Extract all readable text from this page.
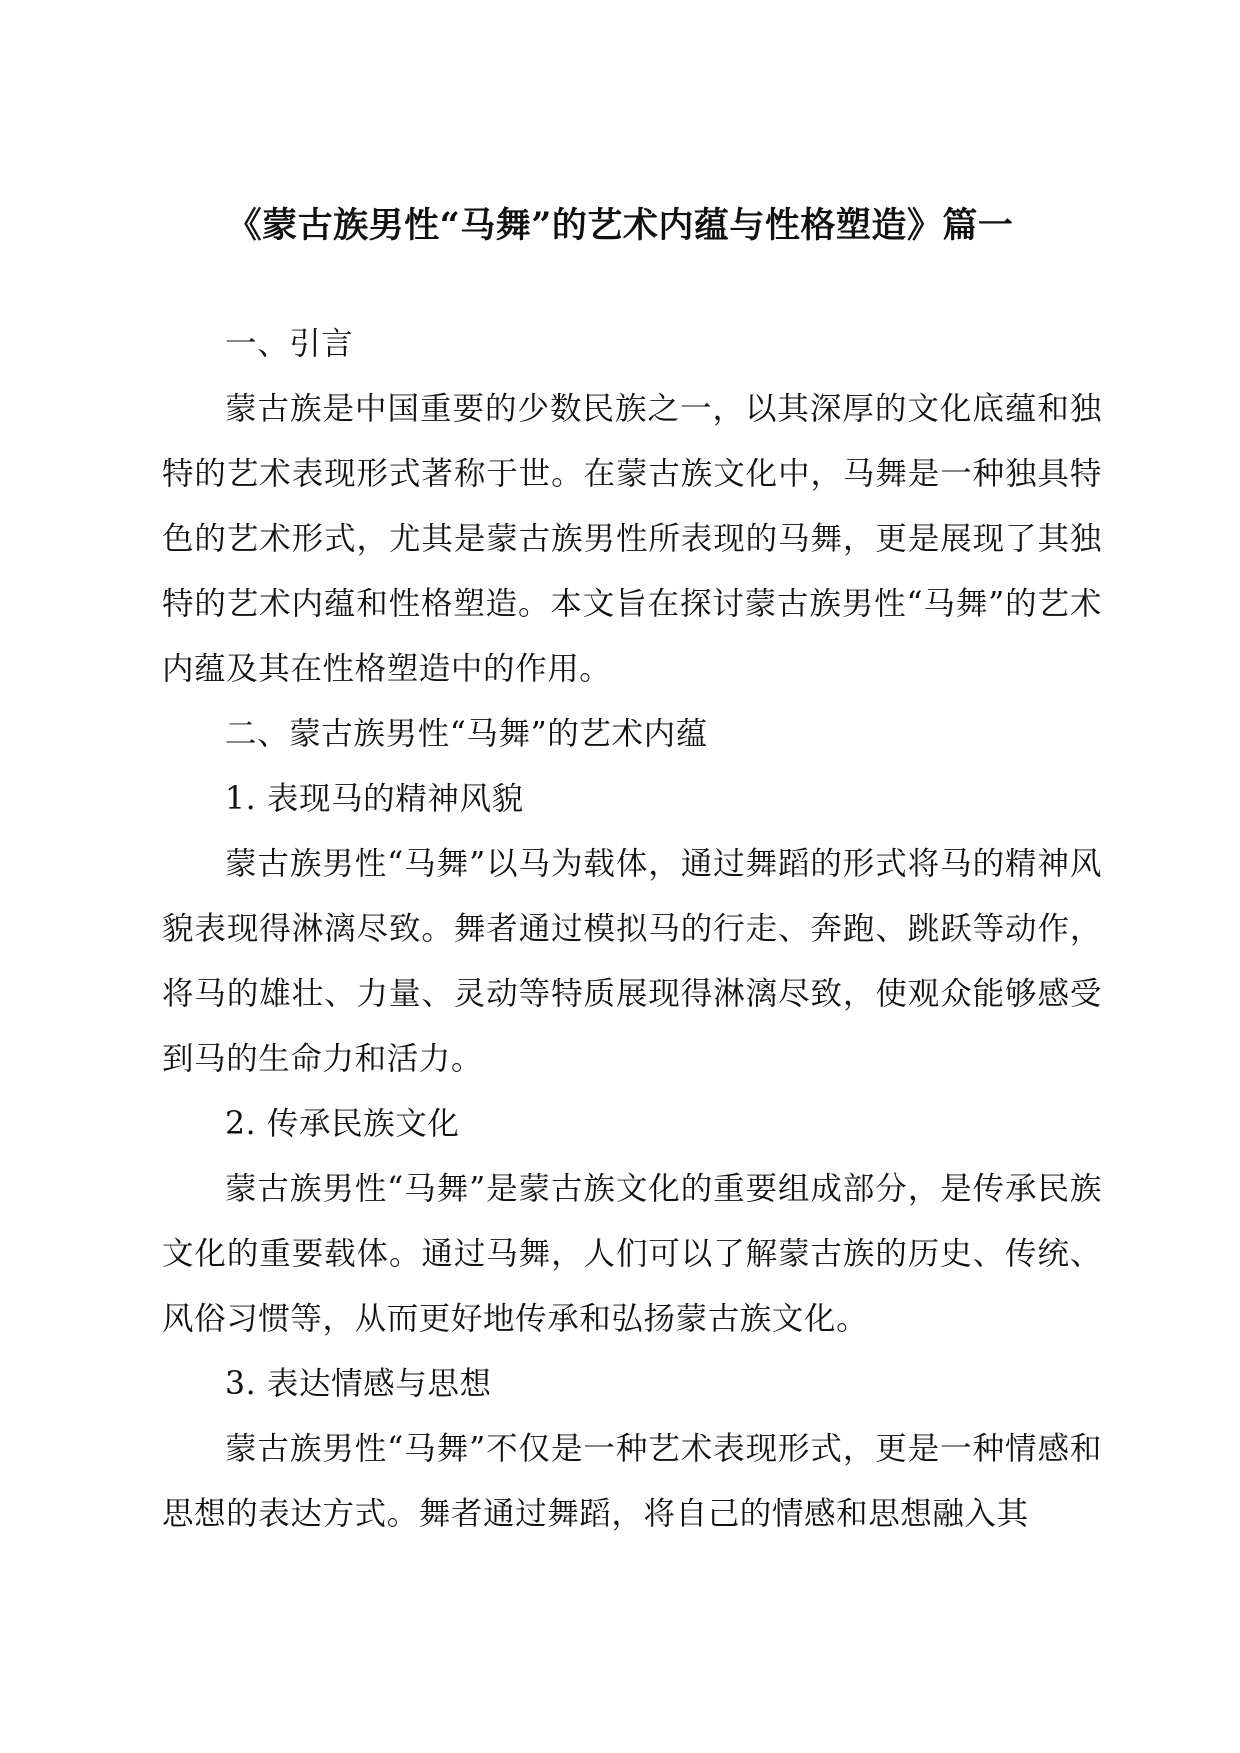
《蒙古族男性“马舞”的艺术内蕴与性格塑造》篇一

一、引言

蒙古族是中国重要的少数民族之一，以其深厚的文化底蕴和独特的艺术表现形式著称于世。在蒙古族文化中，马舞是一种独具特色的艺术形式，尤其是蒙古族男性所表现的马舞，更是展现了其独特的艺术内蕴和性格塑造。本文旨在探讨蒙古族男性“马舞”的艺术内蕴及其在性格塑造中的作用。

二、蒙古族男性“马舞”的艺术内蕴

1. 表现马的精神风貌

蒙古族男性“马舞”以马为载体，通过舞蹈的形式将马的精神风貌表现得淋漓尽致。舞者通过模拟马的行走、奔跑、跳跃等动作，将马的雄壮、力量、灵动等特质展现得淋漓尽致，使观众能够感受到马的生命力和活力。

2. 传承民族文化

蒙古族男性“马舞”是蒙古族文化的重要组成部分，是传承民族文化的重要载体。通过马舞，人们可以了解蒙古族的历史、传统、风俗习惯等，从而更好地传承和弘扬蒙古族文化。

3. 表达情感与思想

蒙古族男性“马舞”不仅是一种艺术表现形式，更是一种情感和思想的表达方式。舞者通过舞蹈，将自己的情感和思想融入其
